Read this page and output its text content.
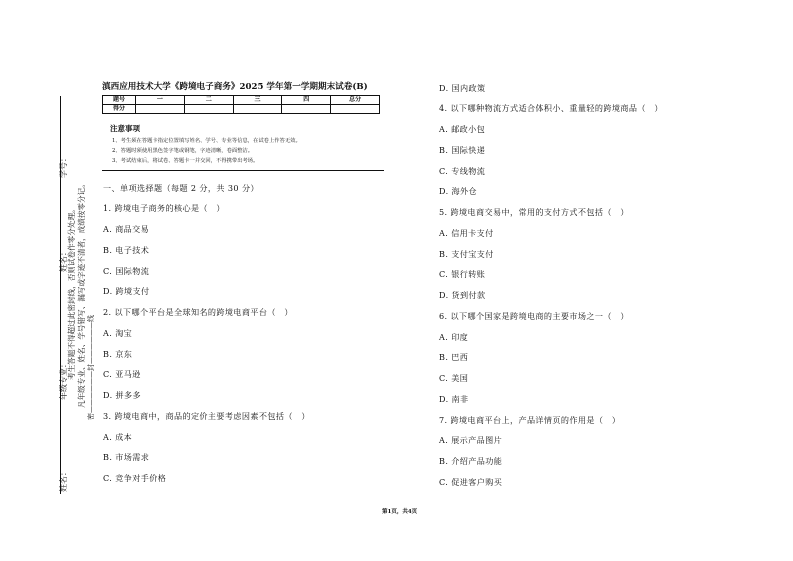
学号：
姓名：
年级专业：
姓名：
考生答题不得超过此密封线，否则试卷作零分处理。 凡年级专业、姓名、学号错写、漏写或字迹不清者，成绩按零分记。 密——————封——————线

滇西应用技术大学《跨境电子商务》2025 学年第一学期期末试卷(B)

题号	一	二	三	四	总分
得分					
注意事项
1、考生须在答题卡指定位置填写姓名、学号、专业等信息，在试卷上作答无效。
2、答题时须使用黑色签字笔或钢笔，字迹清晰，卷面整洁。
3、考试结束后，将试卷、答题卡一并交回，不得携带出考场。
一、单项选择题（每题 2 分，共 30 分）
1. 跨境电子商务的核心是（　）
A. 商品交易
B. 电子技术
C. 国际物流
D. 跨境支付
2. 以下哪个平台是全球知名的跨境电商平台（　）
A. 淘宝
B. 京东
C. 亚马逊
D. 拼多多
3. 跨境电商中，商品的定价主要考虑因素不包括（　）
A. 成本
B. 市场需求
C. 竞争对手价格
D. 国内政策
4. 以下哪种物流方式适合体积小、重量轻的跨境商品（　）
A. 邮政小包
B. 国际快递
C. 专线物流
D. 海外仓
5. 跨境电商交易中，常用的支付方式不包括（　）
A. 信用卡支付
B. 支付宝支付
C. 银行转账
D. 货到付款
6. 以下哪个国家是跨境电商的主要市场之一（　）
A. 印度
B. 巴西
C. 美国
D. 南非
7. 跨境电商平台上，产品详情页的作用是（　）
A. 展示产品图片
B. 介绍产品功能
C. 促进客户购买
第1页，共4页
